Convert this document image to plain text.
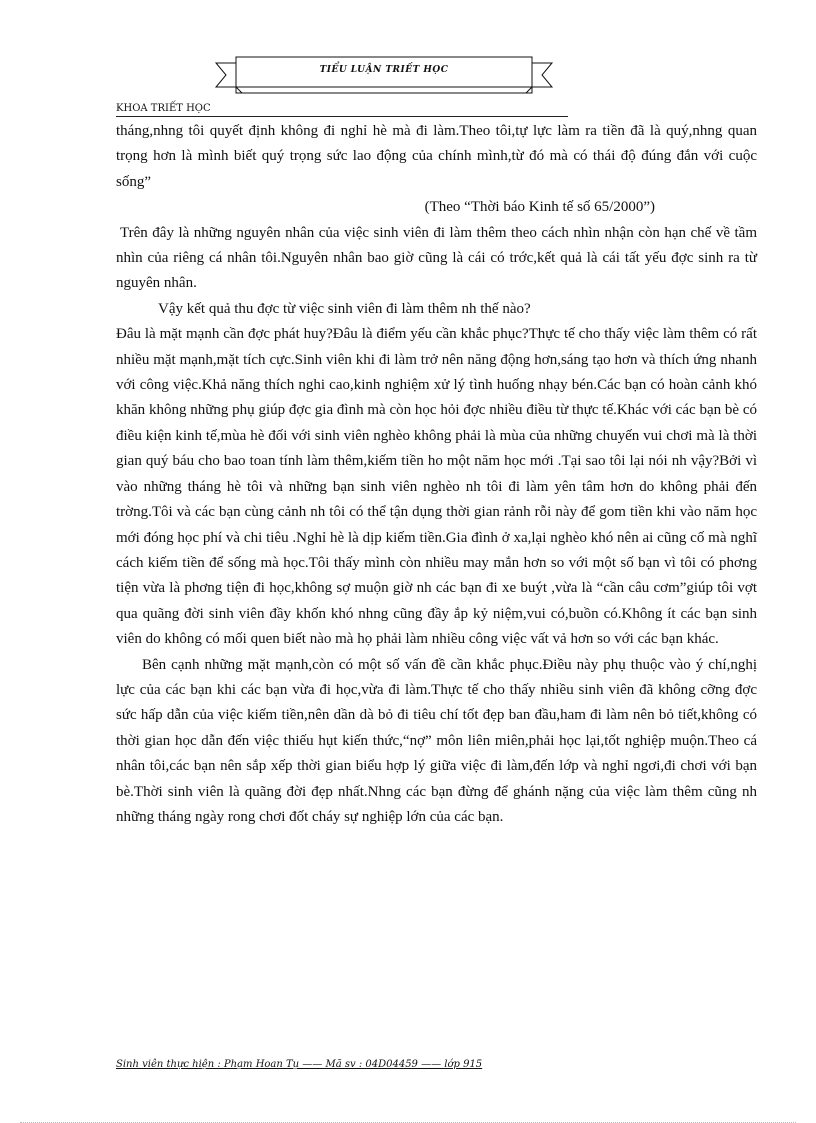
TIỂU LUẬN TRIẾT HỌC
KHOA TRIẾT HỌC

tháng,nhng tôi quyết định không đi nghỉ hè mà đi làm.Theo tôi,tự lực làm ra tiền đã là quý,nhng quan trọng hơn là mình biết quý trọng sức lao động của chính mình,từ đó mà có thái độ đúng đắn với cuộc sống”

(Theo “Thời báo Kinh tế số 65/2000”)

Trên đây là những nguyên nhân của việc sinh viên đi làm thêm theo cách nhìn nhận còn hạn chế về tầm nhìn của riêng cá nhân tôi.Nguyên nhân bao giờ cũng là cái có trớc,kết quả là cái tất yếu đợc sinh ra từ nguyên nhân.

Vậy kết quả thu đợc từ việc sinh viên đi làm thêm nh thế nào?

Đâu là mặt mạnh cần đợc phát huy?Đâu là điểm yếu cần khắc phục?Thực tế cho thấy việc làm thêm có rất nhiều mặt mạnh,mặt tích cực.Sinh viên khi đi làm trở nên năng động hơn,sáng tạo hơn và thích ứng nhanh với công việc.Khả năng thích nghi cao,kinh nghiệm xử lý tình huống nhạy bén.Các bạn có hoàn cảnh khó khăn không những phụ giúp đợc gia đình mà còn học hỏi đợc nhiều điều từ thực tế.Khác với các bạn bè có điều kiện kinh tế,mùa hè đối với sinh viên nghèo không phải là mùa của những chuyến vui chơi mà là thời gian quý báu cho bao toan tính làm thêm,kiếm tiền ho một năm học mới .Tại sao tôi lại nói nh vậy?Bởi vì vào những tháng hè tôi và những bạn sinh viên nghèo nh tôi đi làm yên tâm hơn do không phải đến trờng.Tôi và các bạn cùng cảnh nh tôi có thể tận dụng thời gian rảnh rỗi này để gom tiền khi vào năm học mới đóng học phí và chi tiêu .Nghỉ hè là dịp kiếm tiền.Gia đình ở xa,lại nghèo khó nên ai cũng cố mà nghĩ cách kiếm tiền để sống mà học.Tôi thấy mình còn nhiều may mắn hơn so với một số bạn vì tôi có phơng tiện vừa là phơng tiện đi học,không sợ muộn giờ nh các bạn đi xe buýt ,vừa là “cần câu cơm”giúp tôi vợt qua quãng đời sinh viên đầy khốn khó nhng cũng đầy ắp kỷ niệm,vui có,buồn có.Không ít các bạn sinh viên do không có mối quen biết nào mà họ phải làm nhiều công việc vất vả hơn so với các bạn khác.

Bên cạnh những mặt mạnh,còn có một số vấn đề cần khắc phục.Điều này phụ thuộc vào ý chí,nghị lực của các bạn khi các bạn vừa đi học,vừa đi làm.Thực tế cho thấy nhiều sinh viên đã không cỡng đợc sức hấp dẫn của việc kiếm tiền,nên dần dà bỏ đi tiêu chí tốt đẹp ban đầu,ham đi làm nên bỏ tiết,không có thời gian học dẫn đến việc thiếu hụt kiến thức,“nợ” môn liên miên,phải học lại,tốt nghiệp muộn.Theo cá nhân tôi,các bạn nên sắp xếp thời gian biểu hợp lý giữa việc đi làm,đến lớp và nghỉ ngơi,đi chơi với bạn bè.Thời sinh viên là quãng đời đẹp nhất.Nhng các bạn đừng để ghánh nặng của việc làm thêm cũng nh những tháng ngày rong chơi đốt cháy sự nghiệp lớn của các bạn.

Sinh viên thực hiện : Phạm Hoan Tụ —— Mã sv : 04D04459 —— lớp 915
